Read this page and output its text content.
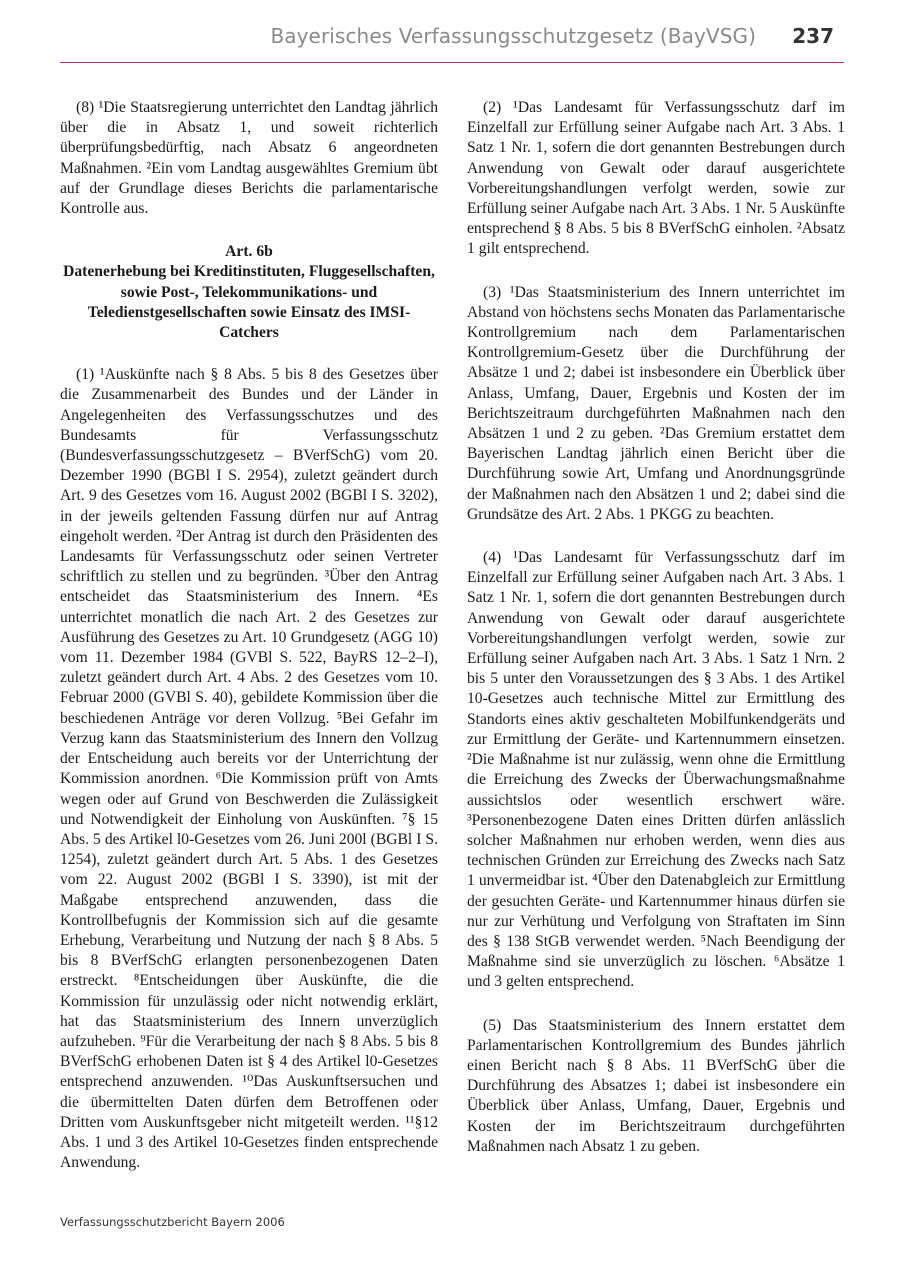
Bayerisches Verfassungsschutzgesetz (BayVSG) 237

(8) ¹Die Staatsregierung unterrichtet den Landtag jährlich über die in Absatz 1, und soweit richterlich überprüfungsbedürftig, nach Absatz 6 angeordneten Maßnahmen. ²Ein vom Landtag ausgewähltes Gremium übt auf der Grundlage dieses Berichts die parlamentarische Kontrolle aus.

Art. 6b
Datenerhebung bei Kreditinstituten, Fluggesellschaften, sowie Post-, Telekommunikations- und Teledienstgesellschaften sowie Einsatz des IMSI-Catchers

(1) ¹Auskünfte nach § 8 Abs. 5 bis 8 des Gesetzes über die Zusammenarbeit des Bundes und der Länder in Angelegenheiten des Verfassungsschutzes und des Bundesamts für Verfassungsschutz (Bundesverfassungsschutzgesetz – BVerfSchG) vom 20. Dezember 1990 (BGBl I S. 2954), zuletzt geändert durch Art. 9 des Gesetzes vom 16. August 2002 (BGBl I S. 3202), in der jeweils geltenden Fassung dürfen nur auf Antrag eingeholt werden. ²Der Antrag ist durch den Präsidenten des Landesamts für Verfassungsschutz oder seinen Vertreter schriftlich zu stellen und zu begründen. ³Über den Antrag entscheidet das Staatsministerium des Innern. ⁴Es unterrichtet monatlich die nach Art. 2 des Gesetzes zur Ausführung des Gesetzes zu Art. 10 Grundgesetz (AGG 10) vom 11. Dezember 1984 (GVBl S. 522, BayRS 12–2–I), zuletzt geändert durch Art. 4 Abs. 2 des Gesetzes vom 10. Februar 2000 (GVBl S. 40), gebildete Kommission über die beschiedenen Anträge vor deren Vollzug. ⁵Bei Gefahr im Verzug kann das Staatsministerium des Innern den Vollzug der Entscheidung auch bereits vor der Unterrichtung der Kommission anordnen. ⁶Die Kommission prüft von Amts wegen oder auf Grund von Beschwerden die Zulässigkeit und Notwendigkeit der Einholung von Auskünften. ⁷§ 15 Abs. 5 des Artikel l0-Gesetzes vom 26. Juni 200l (BGBl I S. 1254), zuletzt geändert durch Art. 5 Abs. 1 des Gesetzes vom 22. August 2002 (BGBl I S. 3390), ist mit der Maßgabe entsprechend anzuwenden, dass die Kontrollbefugnis der Kommission sich auf die gesamte Erhebung, Verarbeitung und Nutzung der nach § 8 Abs. 5 bis 8 BVerfSchG erlangten personenbezogenen Daten erstreckt. ⁸Entscheidungen über Auskünfte, die die Kommission für unzulässig oder nicht notwendig erklärt, hat das Staatsministerium des Innern unverzüglich aufzuheben. ⁹Für die Verarbeitung der nach § 8 Abs. 5 bis 8 BVerfSchG erhobenen Daten ist § 4 des Artikel l0-Gesetzes entsprechend anzuwenden. ¹⁰Das Auskunftsersuchen und die übermittelten Daten dürfen dem Betroffenen oder Dritten vom Auskunftsgeber nicht mitgeteilt werden. ¹¹§12 Abs. 1 und 3 des Artikel 10-Gesetzes finden entsprechende Anwendung.

(2) ¹Das Landesamt für Verfassungsschutz darf im Einzelfall zur Erfüllung seiner Aufgabe nach Art. 3 Abs. 1 Satz 1 Nr. 1, sofern die dort genannten Bestrebungen durch Anwendung von Gewalt oder darauf ausgerichtete Vorbereitungshandlungen verfolgt werden, sowie zur Erfüllung seiner Aufgabe nach Art. 3 Abs. 1 Nr. 5 Auskünfte entsprechend § 8 Abs. 5 bis 8 BVerfSchG einholen. ²Absatz 1 gilt entsprechend.

(3) ¹Das Staatsministerium des Innern unterrichtet im Abstand von höchstens sechs Monaten das Parlamentarische Kontrollgremium nach dem Parlamentarischen Kontrollgremium-Gesetz über die Durchführung der Absätze 1 und 2; dabei ist insbesondere ein Überblick über Anlass, Umfang, Dauer, Ergebnis und Kosten der im Berichtszeitraum durchgeführten Maßnahmen nach den Absätzen 1 und 2 zu geben. ²Das Gremium erstattet dem Bayerischen Landtag jährlich einen Bericht über die Durchführung sowie Art, Umfang und Anordnungsgründe der Maßnahmen nach den Absätzen 1 und 2; dabei sind die Grundsätze des Art. 2 Abs. 1 PKGG zu beachten.

(4) ¹Das Landesamt für Verfassungsschutz darf im Einzelfall zur Erfüllung seiner Aufgaben nach Art. 3 Abs. 1 Satz 1 Nr. 1, sofern die dort genannten Bestrebungen durch Anwendung von Gewalt oder darauf ausgerichtete Vorbereitungshandlungen verfolgt werden, sowie zur Erfüllung seiner Aufgaben nach Art. 3 Abs. 1 Satz 1 Nrn. 2 bis 5 unter den Voraussetzungen des § 3 Abs. 1 des Artikel 10-Gesetzes auch technische Mittel zur Ermittlung des Standorts eines aktiv geschalteten Mobilfunkendgeräts und zur Ermittlung der Geräte- und Kartennummern einsetzen. ²Die Maßnahme ist nur zulässig, wenn ohne die Ermittlung die Erreichung des Zwecks der Überwachungsmaßnahme aussichtslos oder wesentlich erschwert wäre. ³Personenbezogene Daten eines Dritten dürfen anlässlich solcher Maßnahmen nur erhoben werden, wenn dies aus technischen Gründen zur Erreichung des Zwecks nach Satz 1 unvermeidbar ist. ⁴Über den Datenabgleich zur Ermittlung der gesuchten Geräte- und Kartennummer hinaus dürfen sie nur zur Verhütung und Verfolgung von Straftaten im Sinn des § 138 StGB verwendet werden. ⁵Nach Beendigung der Maßnahme sind sie unverzüglich zu löschen. ⁶Absätze 1 und 3 gelten entsprechend.

(5) Das Staatsministerium des Innern erstattet dem Parlamentarischen Kontrollgremium des Bundes jährlich einen Bericht nach § 8 Abs. 11 BVerfSchG über die Durchführung des Absatzes 1; dabei ist insbesondere ein Überblick über Anlass, Umfang, Dauer, Ergebnis und Kosten der im Berichtszeitraum durchgeführten Maßnahmen nach Absatz 1 zu geben.

Verfassungsschutzbericht Bayern 2006
